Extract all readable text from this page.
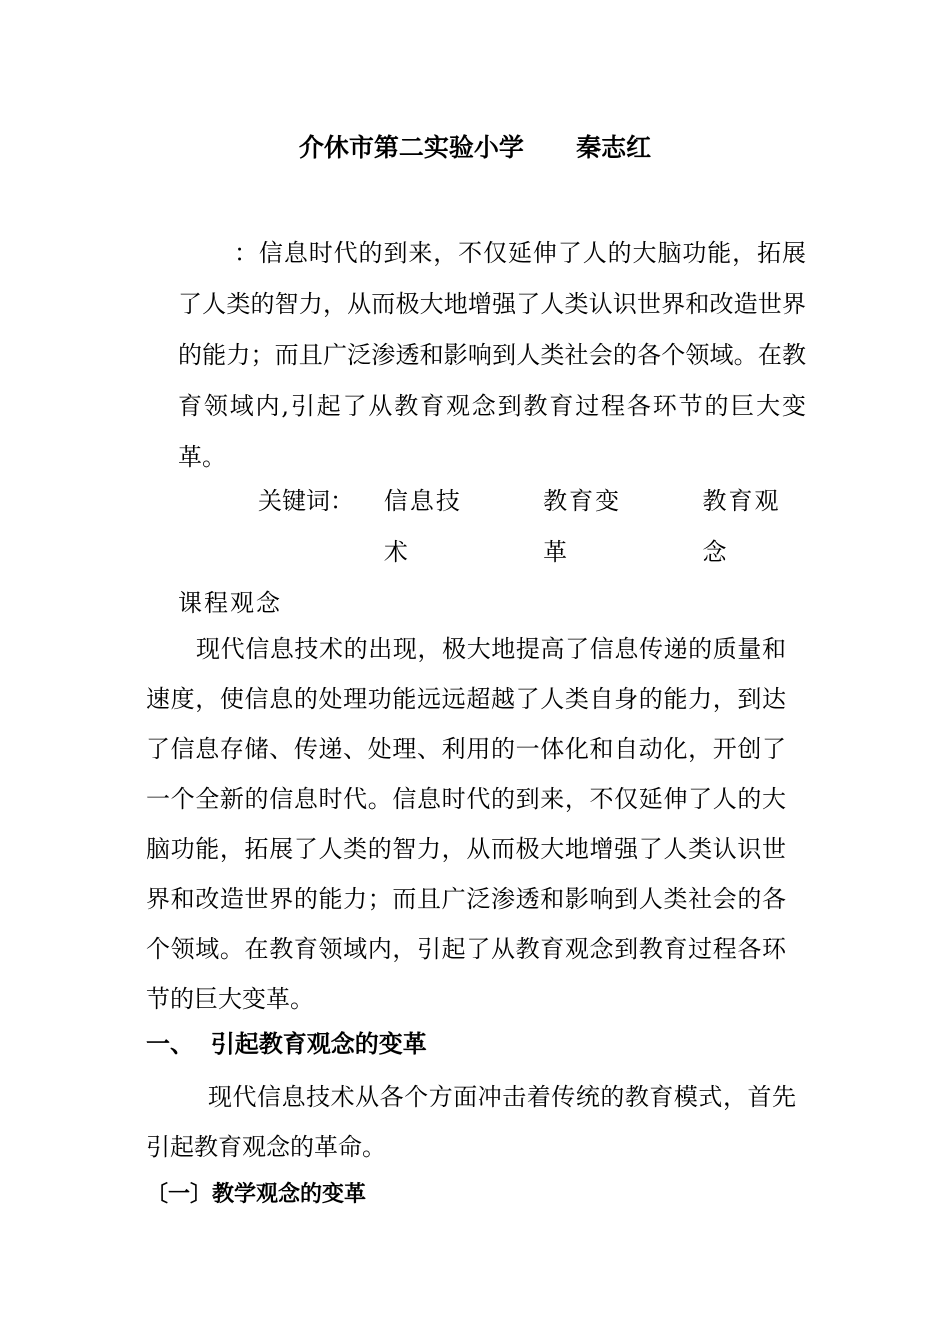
介休市第二实验小学      秦志红

：信息时代的到来，不仅延伸了人的大脑功能，拓展了人类的智力，从而极大地增强了人类认识世界和改造世界的能力；而且广泛渗透和影响到人类社会的各个领域。在教育领域内,引起了从教育观念到教育过程各环节的巨大变革。

关键词： 信息技术
教育变革
教育观念
课程观念

现代信息技术的出现，极大地提高了信息传递的质量和速度，使信息的处理功能远远超越了人类自身的能力，到达了信息存储、传递、处理、利用的一体化和自动化，开创了一个全新的信息时代。信息时代的到来，不仅延伸了人的大脑功能，拓展了人类的智力，从而极大地增强了人类认识世界和改造世界的能力；而且广泛渗透和影响到人类社会的各个领域。在教育领域内，引起了从教育观念到教育过程各环节的巨大变革。

一、  引起教育观念的变革

现代信息技术从各个方面冲击着传统的教育模式，首先引起教育观念的革命。

〔一〕教学观念的变革
